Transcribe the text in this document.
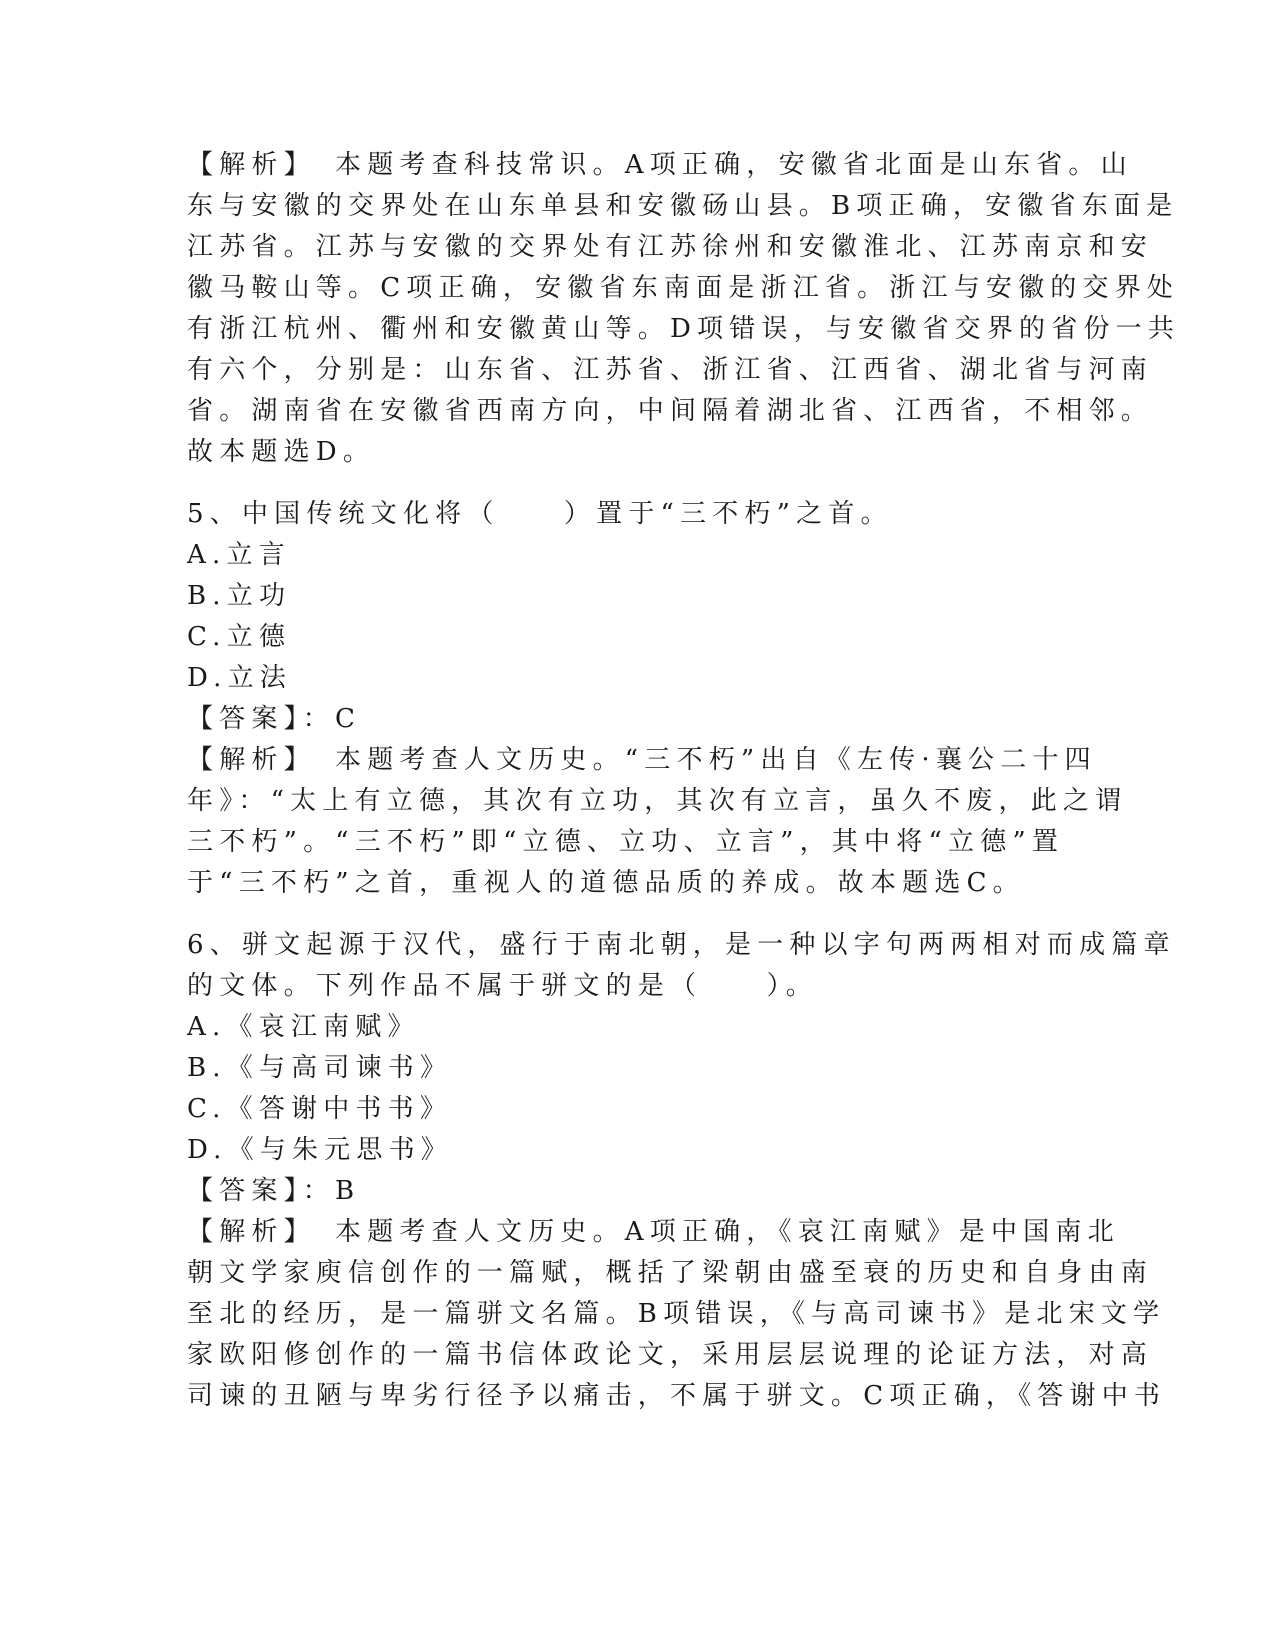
【解析】　本题考查科技常识。A项正确，安徽省北面是山东省。山
东与安徽的交界处在山东单县和安徽砀山县。B项正确，安徽省东面是
江苏省。江苏与安徽的交界处有江苏徐州和安徽淮北、江苏南京和安
徽马鞍山等。C项正确，安徽省东南面是浙江省。浙江与安徽的交界处
有浙江杭州、衢州和安徽黄山等。D项错误，与安徽省交界的省份一共
有六个，分别是：山东省、江苏省、浙江省、江西省、湖北省与河南
省。湖南省在安徽省西南方向，中间隔着湖北省、江西省，不相邻。
故本题选D。
5、中国传统文化将（　　）置于“三不朽”之首。
A.立言
B.立功
C.立德
D.立法
【答案】：C
【解析】　本题考查人文历史。“三不朽”出自《左传·襄公二十四
年》：“太上有立德，其次有立功，其次有立言，虽久不废，此之谓
三不朽”。“三不朽”即“立德、立功、立言”，其中将“立德”置
于“三不朽”之首，重视人的道德品质的养成。故本题选C。
6、骈文起源于汉代，盛行于南北朝，是一种以字句两两相对而成篇章
的文体。下列作品不属于骈文的是（　　）。
A.《哀江南赋》
B.《与高司谏书》
C.《答谢中书书》
D.《与朱元思书》
【答案】：B
【解析】　本题考查人文历史。A项正确，《哀江南赋》是中国南北
朝文学家庾信创作的一篇赋，概括了梁朝由盛至衰的历史和自身由南
至北的经历，是一篇骈文名篇。B项错误，《与高司谏书》是北宋文学
家欧阳修创作的一篇书信体政论文，采用层层说理的论证方法，对高
司谏的丑陋与卑劣行径予以痛击，不属于骈文。C项正确，《答谢中书
